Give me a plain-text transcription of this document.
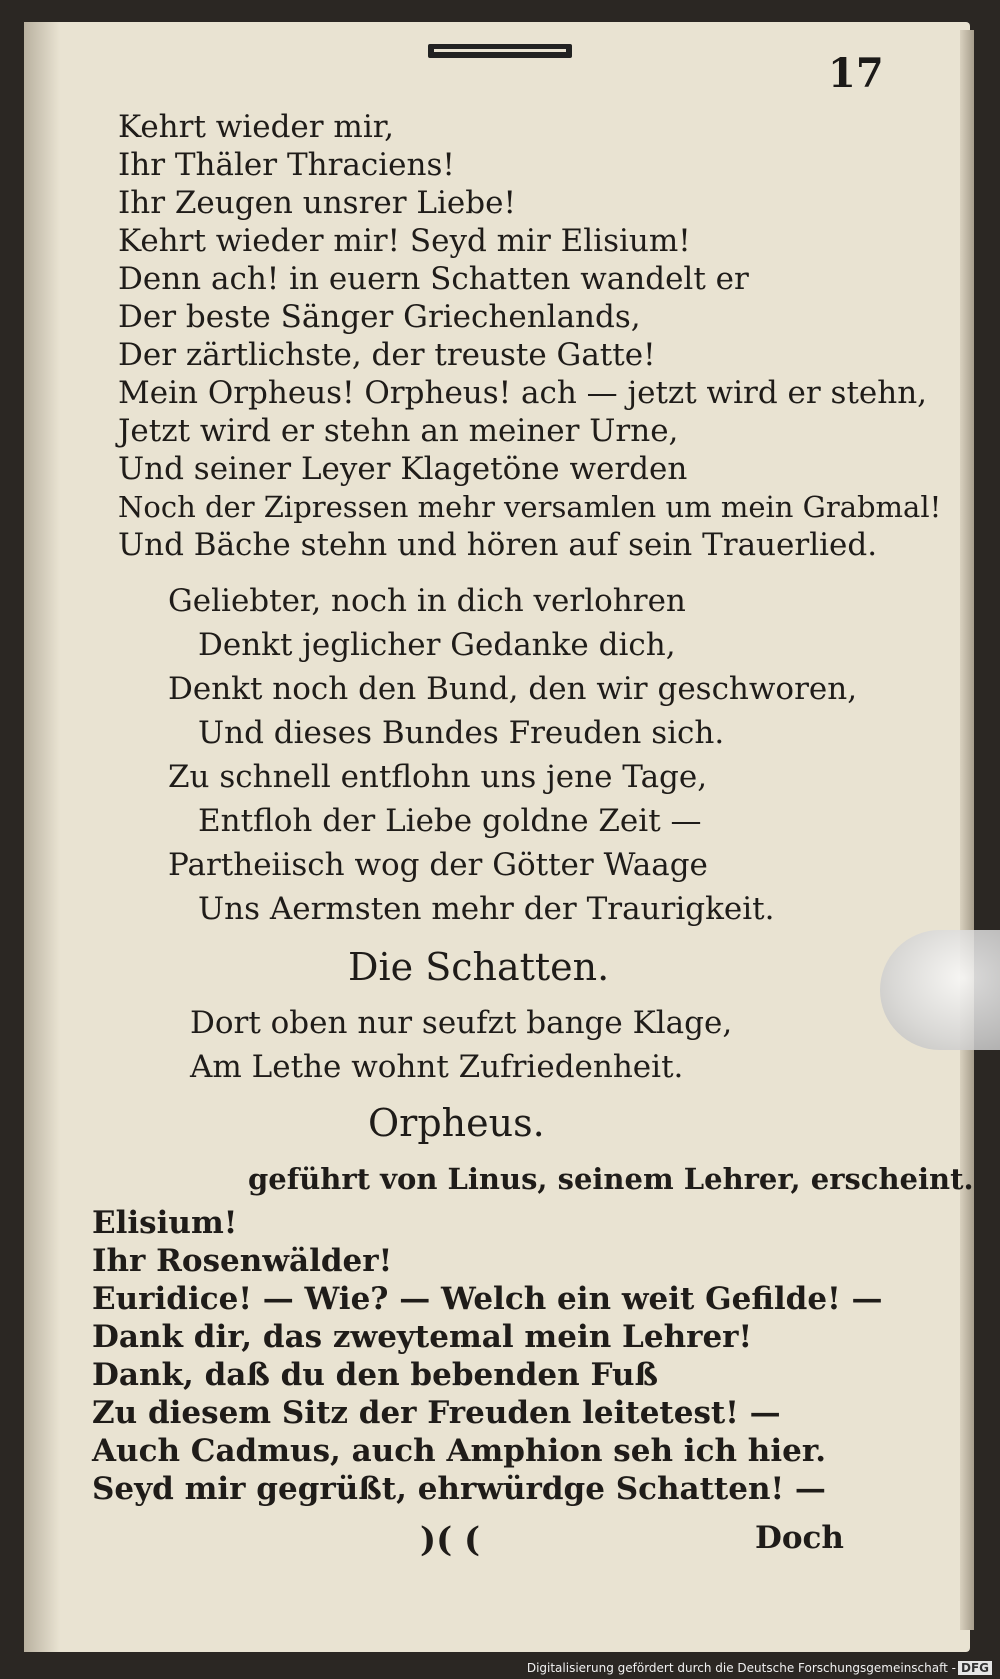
17
Kehrt wieder mir,
Ihr Thäler Thraciens!
Ihr Zeugen unsrer Liebe!
Kehrt wieder mir! Seyd mir Elisium!
Denn ach! in euern Schatten wandelt er
Der beste Sänger Griechenlands,
Der zärtlichste, der treuste Gatte!
Mein Orpheus! Orpheus! ach — jetzt wird er stehn,
Jetzt wird er stehn an meiner Urne,
Und seiner Leyer Klagetöne werden
Noch der Zipressen mehr versamlen um mein Grabmal!
Und Bäche stehn und hören auf sein Trauerlied.
Geliebter, noch in dich verlohren
Denkt jeglicher Gedanke dich,
Denkt noch den Bund, den wir geschworen,
Und dieses Bundes Freuden sich.
Zu schnell entflohn uns jene Tage,
Entfloh der Liebe goldne Zeit —
Partheiisch wog der Götter Waage
Uns Aermsten mehr der Traurigkeit.
Die Schatten.
Dort oben nur seufzt bange Klage,
Am Lethe wohnt Zufriedenheit.
Orpheus.
geführt von Linus, seinem Lehrer, erscheint.
Elisium!
Ihr Rosenwälder!
Euridice! — Wie? — Welch ein weit Gefilde! —
Dank dir, das zweytemal mein Lehrer!
Dank, daß du den bebenden Fuß
Zu diesem Sitz der Freuden leitetest! —
Auch Cadmus, auch Amphion seh ich hier.
Seyd mir gegrüßt, ehrwürdge Schatten! —
)( (	Doch
Digitalisierung gefördert durch die Deutsche Forschungsgemeinschaft - DFG
